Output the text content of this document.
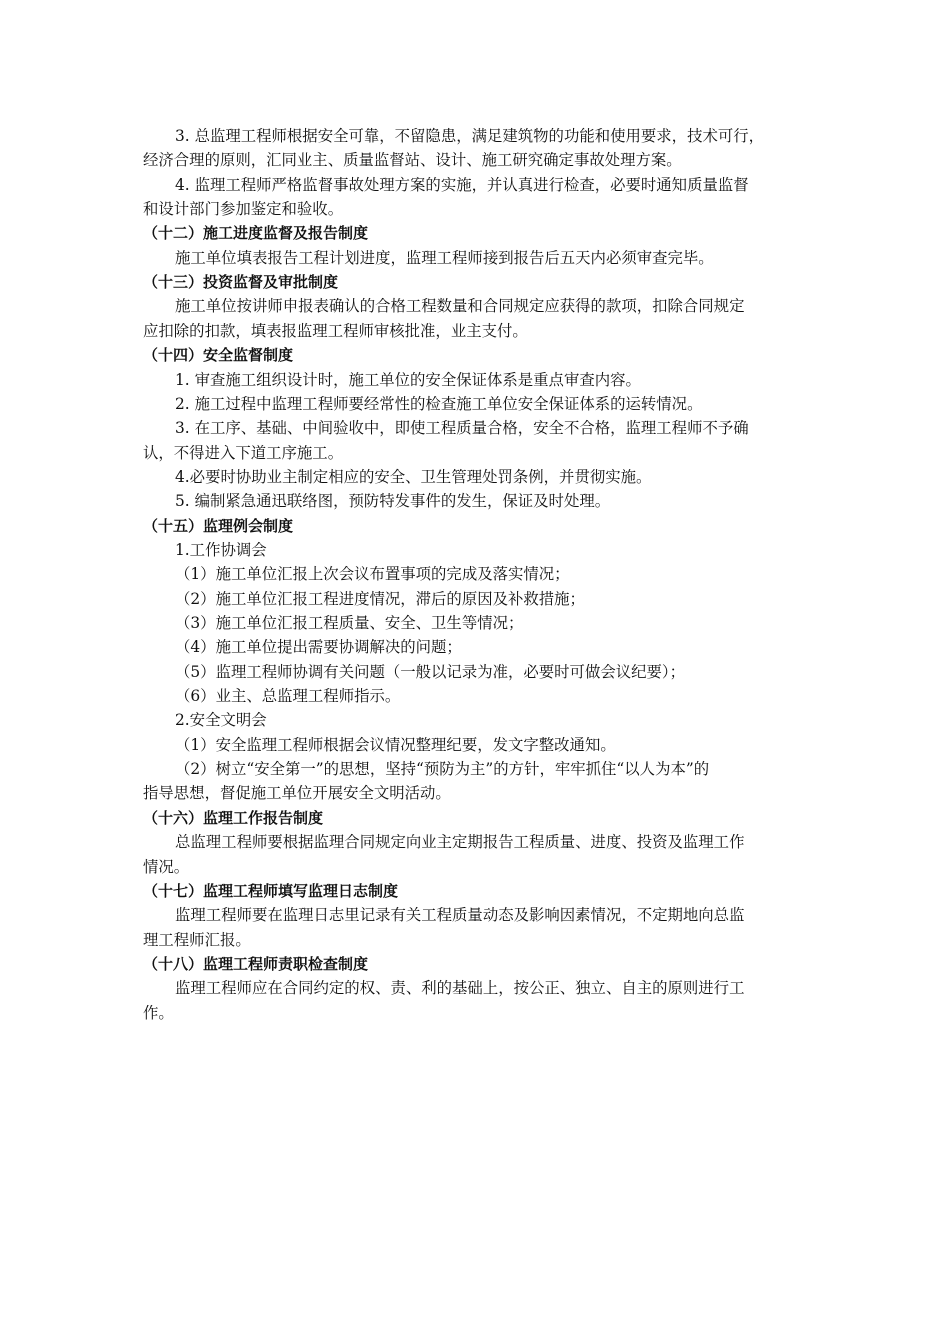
3. 总监理工程师根据安全可靠，不留隐患，满足建筑物的功能和使用要求，技术可行，
经济合理的原则，汇同业主、质量监督站、设计、施工研究确定事故处理方案。
4. 监理工程师严格监督事故处理方案的实施，并认真进行检查，必要时通知质量监督
和设计部门参加鉴定和验收。
（十二）施工进度监督及报告制度
施工单位填表报告工程计划进度，监理工程师接到报告后五天内必须审查完毕。
（十三）投资监督及审批制度
施工单位按讲师申报表确认的合格工程数量和合同规定应获得的款项，扣除合同规定
应扣除的扣款，填表报监理工程师审核批准，业主支付。
（十四）安全监督制度
1. 审查施工组织设计时，施工单位的安全保证体系是重点审查内容。
2. 施工过程中监理工程师要经常性的检查施工单位安全保证体系的运转情况。
3. 在工序、基础、中间验收中，即使工程质量合格，安全不合格，监理工程师不予确
认，不得进入下道工序施工。
4.必要时协助业主制定相应的安全、卫生管理处罚条例，并贯彻实施。
5. 编制紧急通迅联络图，预防特发事件的发生，保证及时处理。
（十五）监理例会制度
1.工作协调会
（1）施工单位汇报上次会议布置事项的完成及落实情况；
（2）施工单位汇报工程进度情况，滞后的原因及补救措施；
（3）施工单位汇报工程质量、安全、卫生等情况；
（4）施工单位提出需要协调解决的问题；
（5）监理工程师协调有关问题（一般以记录为准，必要时可做会议纪要）；
（6）业主、总监理工程师指示。
2.安全文明会
（1）安全监理工程师根据会议情况整理纪要，发文字整改通知。
（2）树立“安全第一”的思想，坚持“预防为主”的方针，牢牢抓住“以人为本”的
指导思想，督促施工单位开展安全文明活动。
（十六）监理工作报告制度
总监理工程师要根据监理合同规定向业主定期报告工程质量、进度、投资及监理工作
情况。
（十七）监理工程师填写监理日志制度
监理工程师要在监理日志里记录有关工程质量动态及影响因素情况，不定期地向总监
理工程师汇报。
（十八）监理工程师责职检查制度
监理工程师应在合同约定的权、责、利的基础上，按公正、独立、自主的原则进行工
作。
